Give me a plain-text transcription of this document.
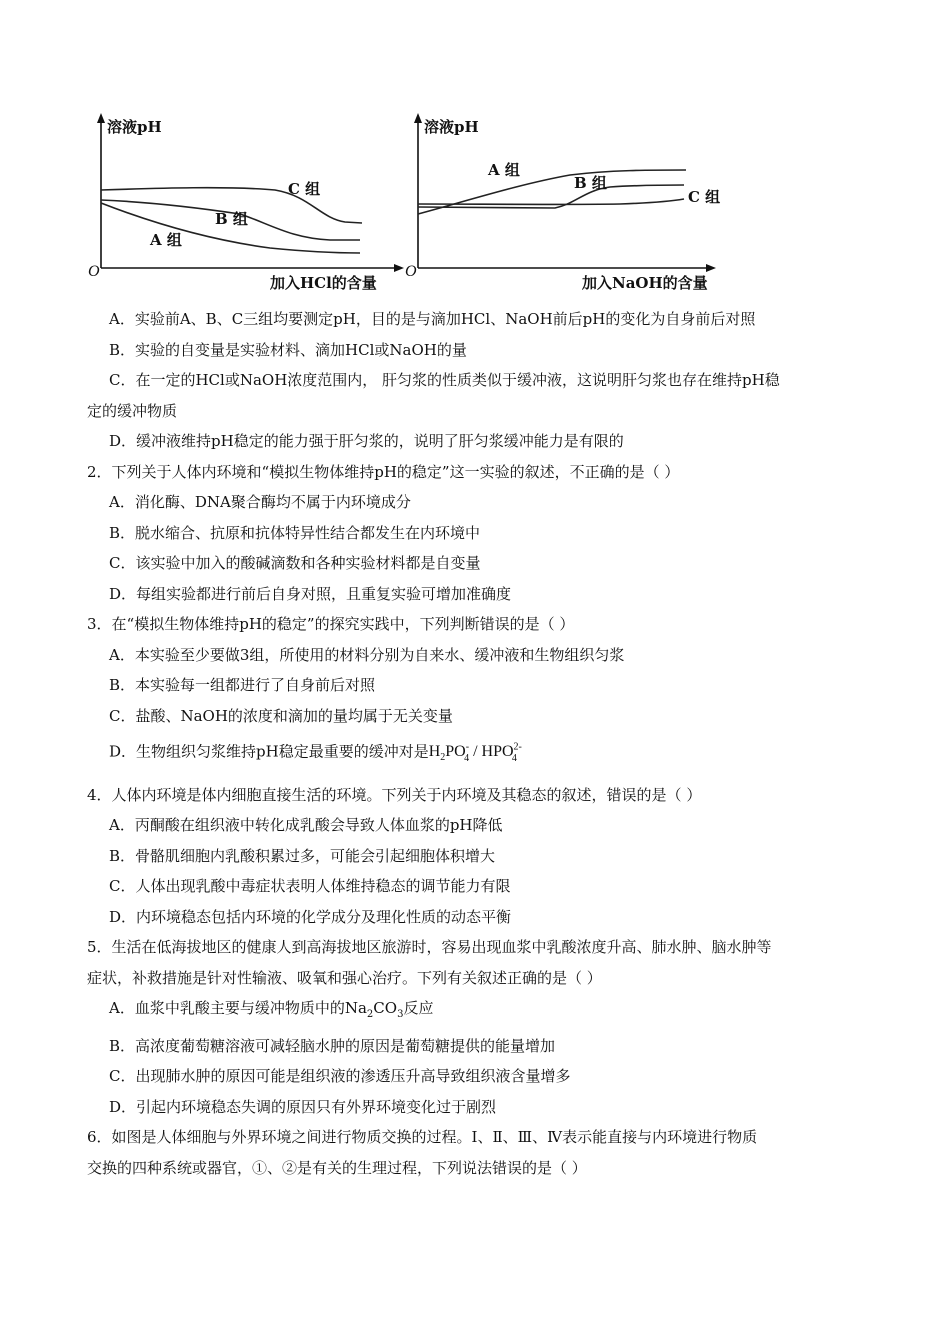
溶液pH
O
加入HCl的含量
C 组
B 组
A 组
溶液pH
O
加入NaOH的含量
A 组
B 组
C 组

A．实验前A、B、C三组均要测定pH，目的是与滴加HCl、NaOH前后pH的变化为自身前后对照

B．实验的自变量是实验材料、滴加HCl或NaOH的量

C．在一定的HCl或NaOH浓度范围内， 肝匀浆的性质类似于缓冲液，这说明肝匀浆也存在维持pH稳

定的缓冲物质

D．缓冲液维持pH稳定的能力强于肝匀浆的，说明了肝匀浆缓冲能力是有限的

2．下列关于人体内环境和“模拟生物体维持pH的稳定”这一实验的叙述，不正确的是（ ）

A．消化酶、DNA聚合酶均不属于内环境成分

B．脱水缩合、抗原和抗体特异性结合都发生在内环境中

C．该实验中加入的酸碱滴数和各种实验材料都是自变量

D．每组实验都进行前后自身对照，且重复实验可增加准确度

3．在“模拟生物体维持pH的稳定”的探究实践中，下列判断错误的是（ ）

A．本实验至少要做3组，所使用的材料分别为自来水、缓冲液和生物组织匀浆

B．本实验每一组都进行了自身前后对照

C．盐酸、NaOH的浓度和滴加的量均属于无关变量

D．生物组织匀浆维持pH稳定最重要的缓冲对是$H_2PO^-_4 / HPO^{2-}_4$

4．人体内环境是体内细胞直接生活的环境。下列关于内环境及其稳态的叙述，错误的是（ ）

A．丙酮酸在组织液中转化成乳酸会导致人体血浆的pH降低

B．骨骼肌细胞内乳酸积累过多，可能会引起细胞体积增大

C．人体出现乳酸中毒症状表明人体维持稳态的调节能力有限

D．内环境稳态包括内环境的化学成分及理化性质的动态平衡

5．生活在低海拔地区的健康人到高海拔地区旅游时，容易出现血浆中乳酸浓度升高、肺水肿、脑水肿等

症状，补救措施是针对性输液、吸氧和强心治疗。下列有关叙述正确的是（ ）

A．血浆中乳酸主要与缓冲物质中的$Na_2CO_3$反应

B．高浓度葡萄糖溶液可减轻脑水肿的原因是葡萄糖提供的能量增加

C．出现肺水肿的原因可能是组织液的渗透压升高导致组织液含量增多

D．引起内环境稳态失调的原因只有外界环境变化过于剧烈

6．如图是人体细胞与外界环境之间进行物质交换的过程。Ⅰ、Ⅱ、Ⅲ、Ⅳ表示能直接与内环境进行物质

交换的四种系统或器官，①、②是有关的生理过程，下列说法错误的是（ ）
